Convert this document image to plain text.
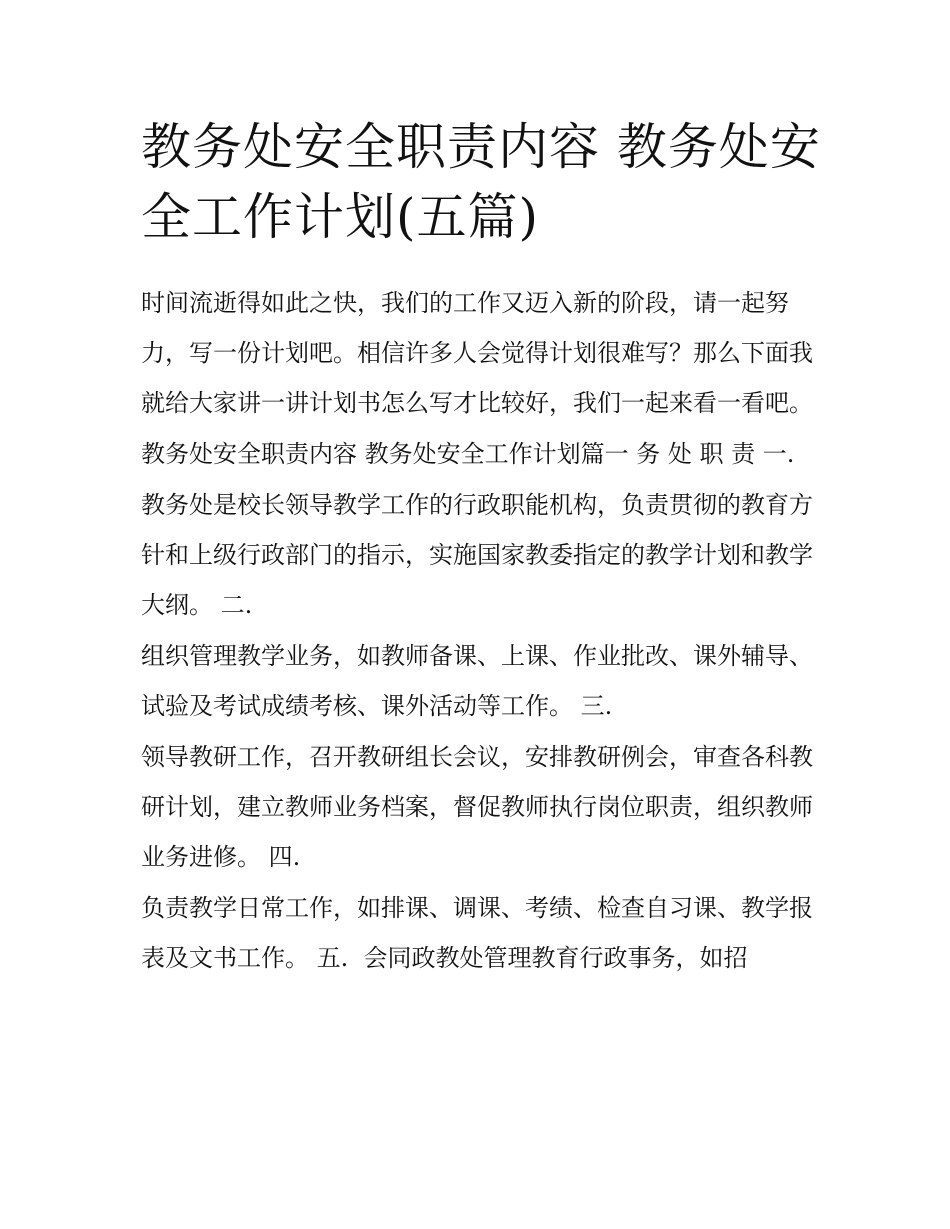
教务处安全职责内容 教务处安全工作计划(五篇)

时间流逝得如此之快，我们的工作又迈入新的阶段，请一起努力，写一份计划吧。相信许多人会觉得计划很难写？那么下面我就给大家讲一讲计划书怎么写才比较好，我们一起来看一看吧。

教务处安全职责内容 教务处安全工作计划篇一 务 处 职 责 一.

教务处是校长领导教学工作的行政职能机构，负责贯彻的教育方针和上级行政部门的指示，实施国家教委指定的教学计划和教学大纲。 二.

组织管理教学业务，如教师备课、上课、作业批改、课外辅导、试验及考试成绩考核、课外活动等工作。 三.

领导教研工作，召开教研组长会议，安排教研例会，审查各科教研计划，建立教师业务档案，督促教师执行岗位职责，组织教师业务进修。 四.

负责教学日常工作，如排课、调课、考绩、检查自习课、教学报表及文书工作。 五.  会同政教处管理教育行政事务，如招
